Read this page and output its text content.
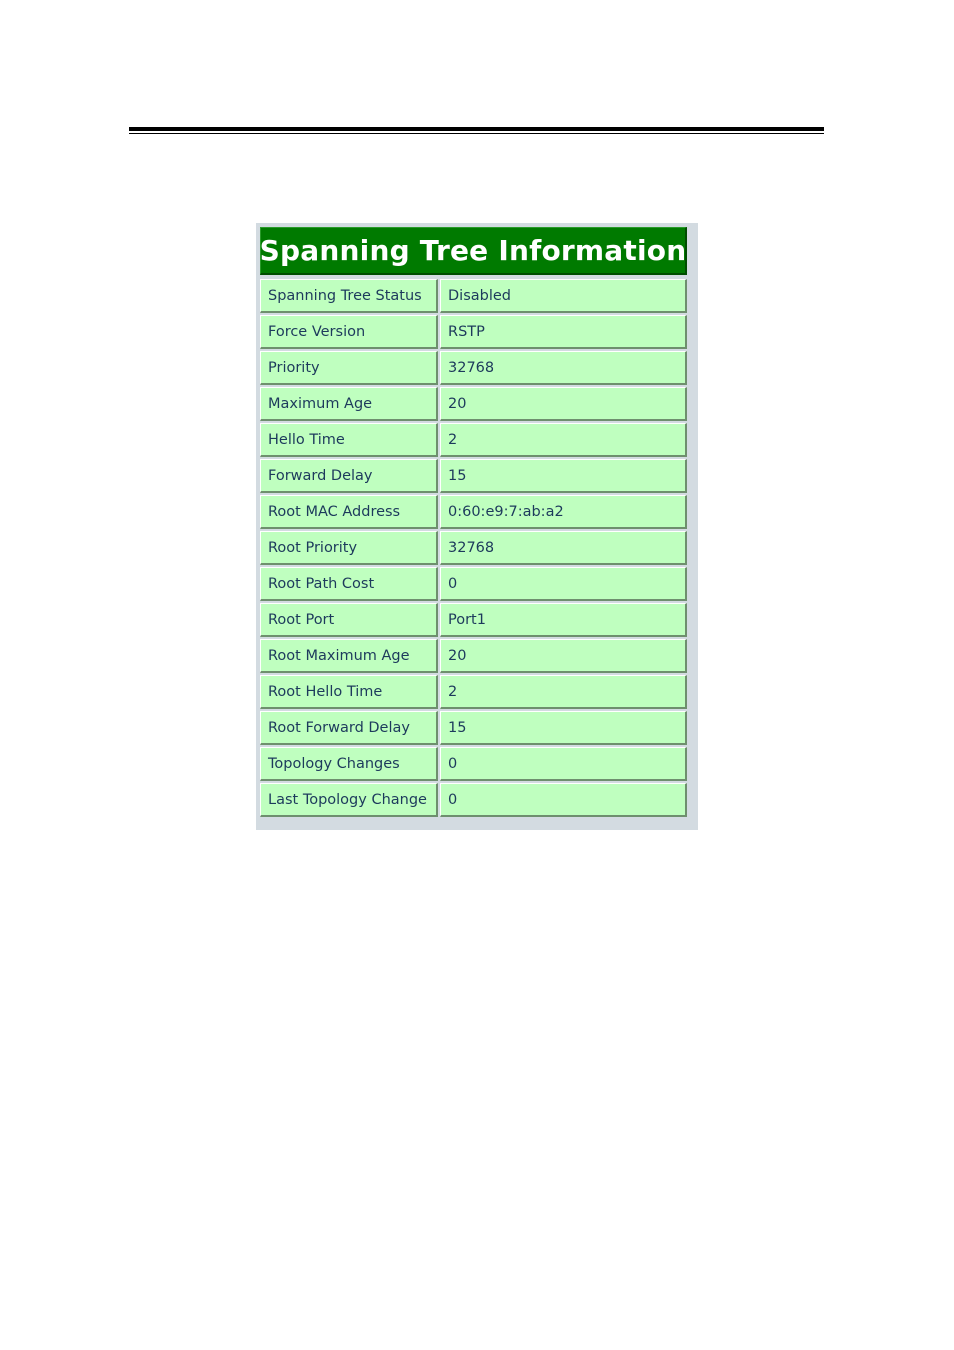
Spanning Tree Information
Spanning Tree Status	Disabled
Force Version	RSTP
Priority	32768
Maximum Age	20
Hello Time	2
Forward Delay	15
Root MAC Address	0:60:e9:7:ab:a2
Root Priority	32768
Root Path Cost	0
Root Port	Port1
Root Maximum Age	20
Root Hello Time	2
Root Forward Delay	15
Topology Changes	0
Last Topology Change	0
